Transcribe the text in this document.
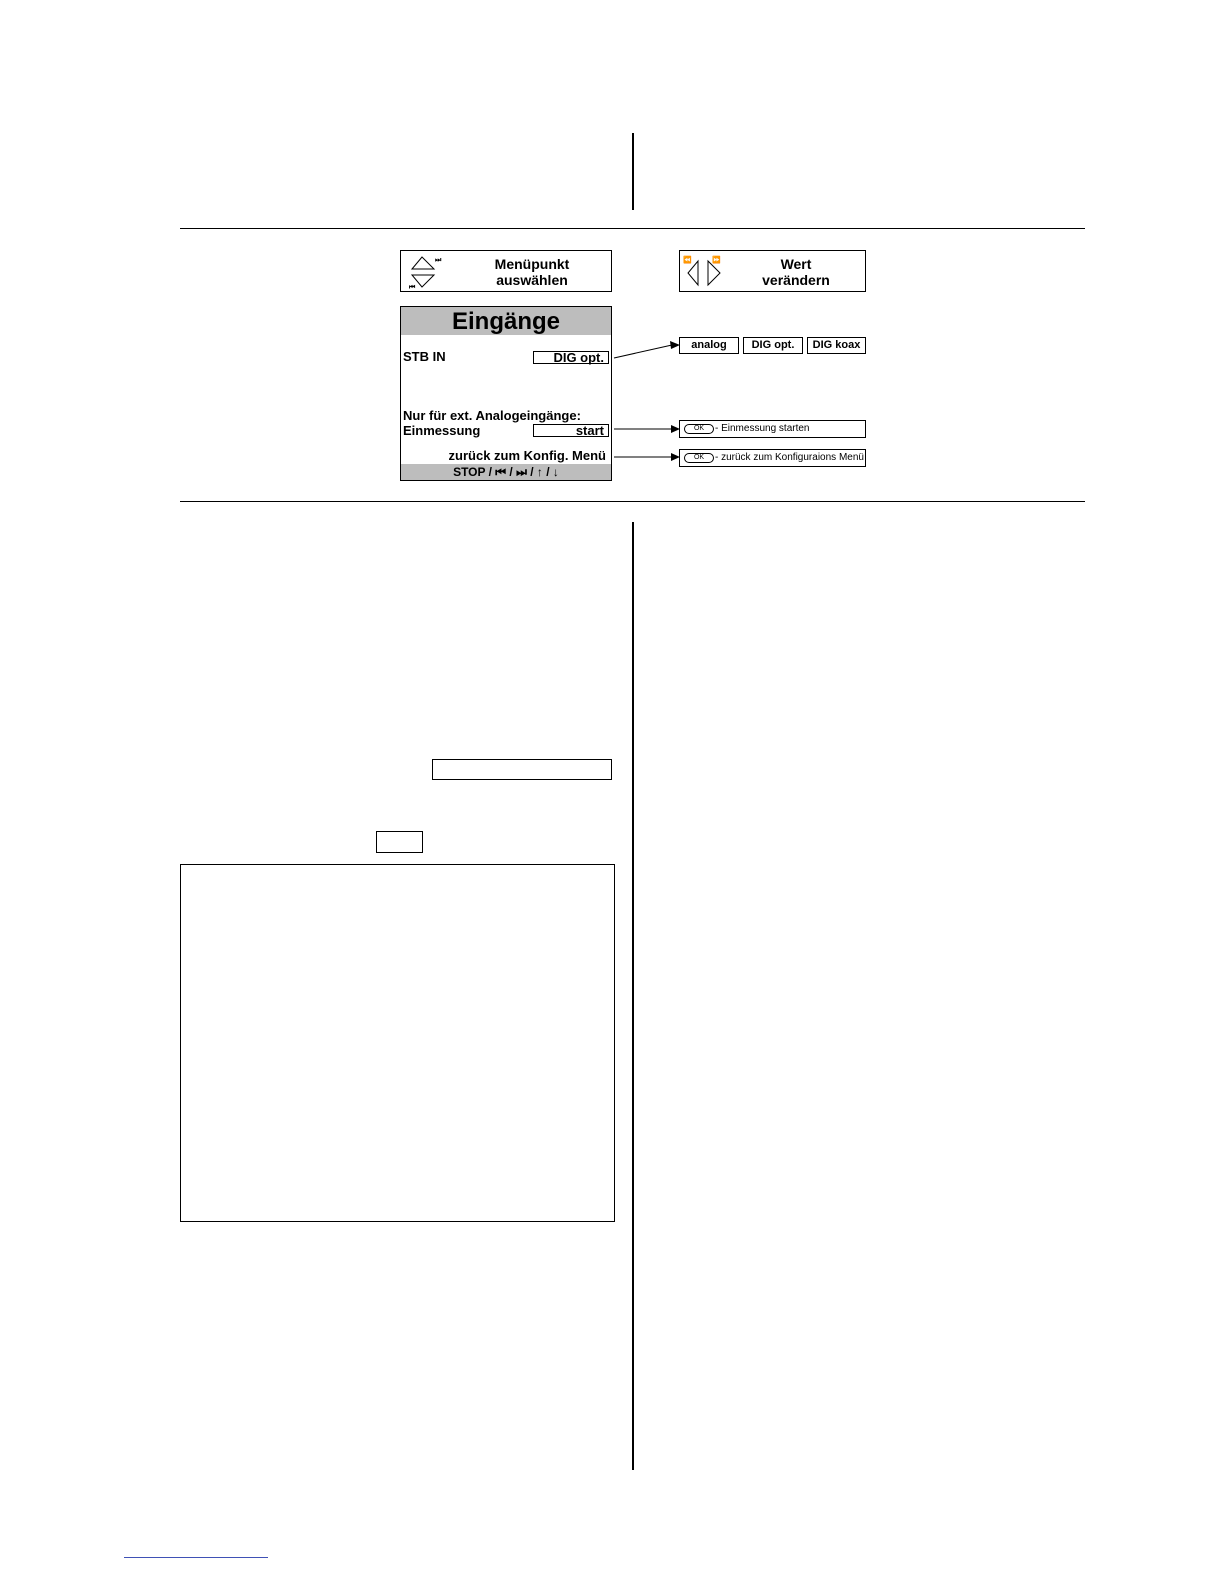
⏭
⏮
Menüpunkt
auswählen
⏪	⏩	Wert
verändern
Eingänge
STB IN	DIG opt.
Nur für ext. Analogeingänge:
Einmessung	start
zurück zum Konfig. Menü
STOP / ⏮ / ⏭ / ↑ / ↓
analog	DIG opt.	DIG koax
OK	- Einmessung starten
OK	- zurück zum Konfiguraions Menü
